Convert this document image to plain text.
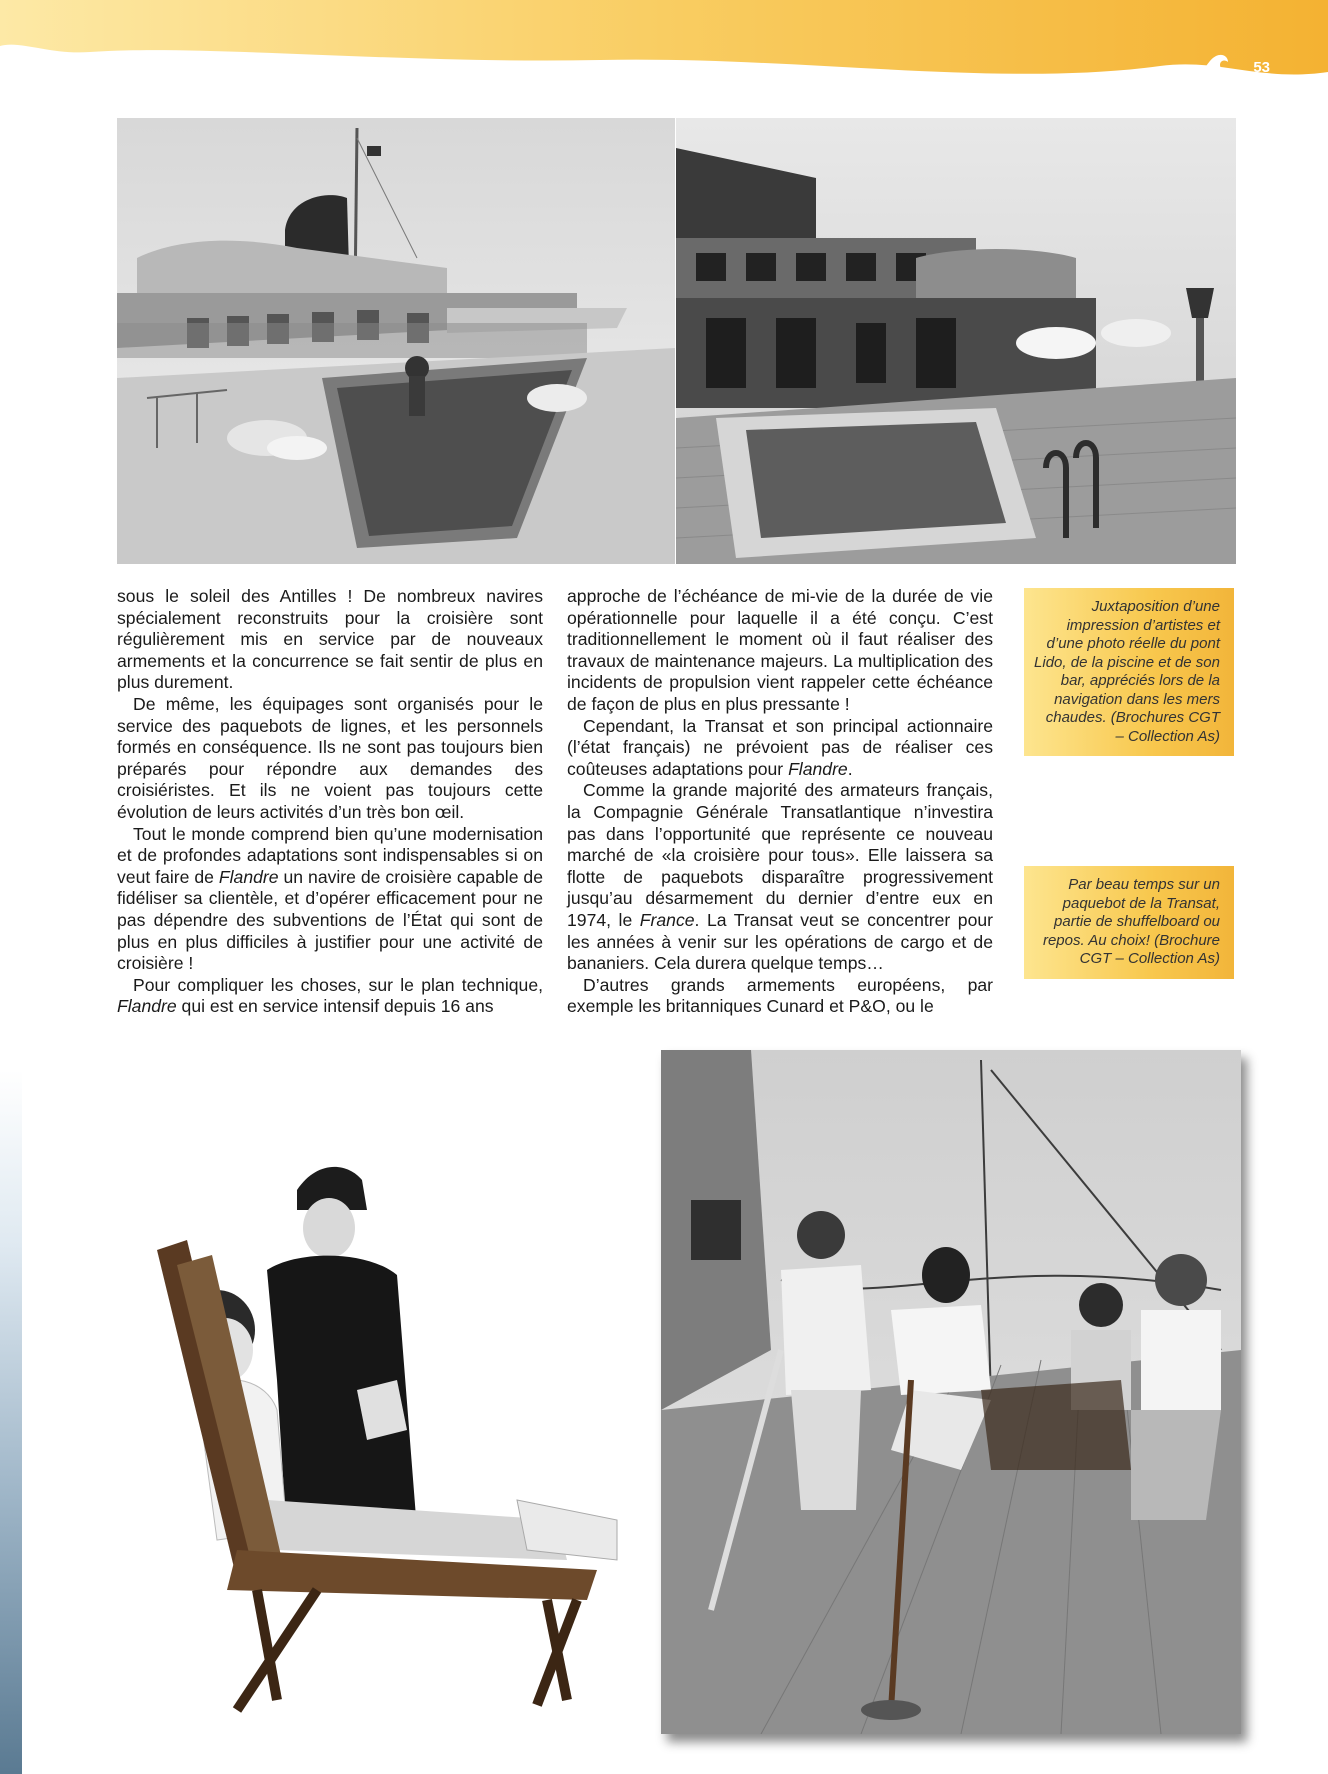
53

sous le soleil des Antilles ! De nombreux navires spécialement reconstruits pour la croisière sont régulièrement mis en service par de nouveaux armements et la concurrence se fait sentir de plus en plus durement.

De même, les équipages sont organisés pour le service des paquebots de lignes, et les personnels formés en conséquence. Ils ne sont pas toujours bien préparés pour répondre aux demandes des croisiéristes. Et ils ne voient pas toujours cette évolution de leurs activités d’un très bon œil.

Tout le monde comprend bien qu’une modernisation et de profondes adaptations sont indispensables si on veut faire de Flandre un navire de croisière capable de fidéliser sa clientèle, et d’opérer efficacement pour ne pas dépendre des subventions de l’État qui sont de plus en plus difficiles à justifier pour une activité de croisière !

Pour compliquer les choses, sur le plan technique, Flandre qui est en service intensif depuis 16 ans

approche de l’échéance de mi-vie de la durée de vie opérationnelle pour laquelle il a été conçu. C’est traditionnellement le moment où il faut réaliser des travaux de maintenance majeurs. La multiplication des incidents de propulsion vient rappeler cette échéance de façon de plus en plus pressante !

Cependant, la Transat et son principal actionnaire (l’état français) ne prévoient pas de réaliser ces coûteuses adaptations pour Flandre.

Comme la grande majorité des armateurs français, la Compagnie Générale Transatlantique n’investira pas dans l’opportunité que représente ce nouveau marché de «la croisière pour tous». Elle laissera sa flotte de paquebots disparaître progressivement jusqu’au désarmement du dernier d’entre eux en 1974, le France. La Transat veut se concentrer pour les années à venir sur les opérations de cargo et de bananiers. Cela durera quelque temps…

D’autres grands armements européens, par exemple les britanniques Cunard et P&O, ou le

Juxtaposition d’une impression d’artistes et d’une photo réelle du pont Lido, de la piscine et de son bar, appréciés lors de la navigation dans les mers chaudes. (Brochures CGT – Collection As)
Par beau temps sur un paquebot de la Transat, partie de shuffelboard ou repos. Au choix! (Brochure CGT – Collection As)
